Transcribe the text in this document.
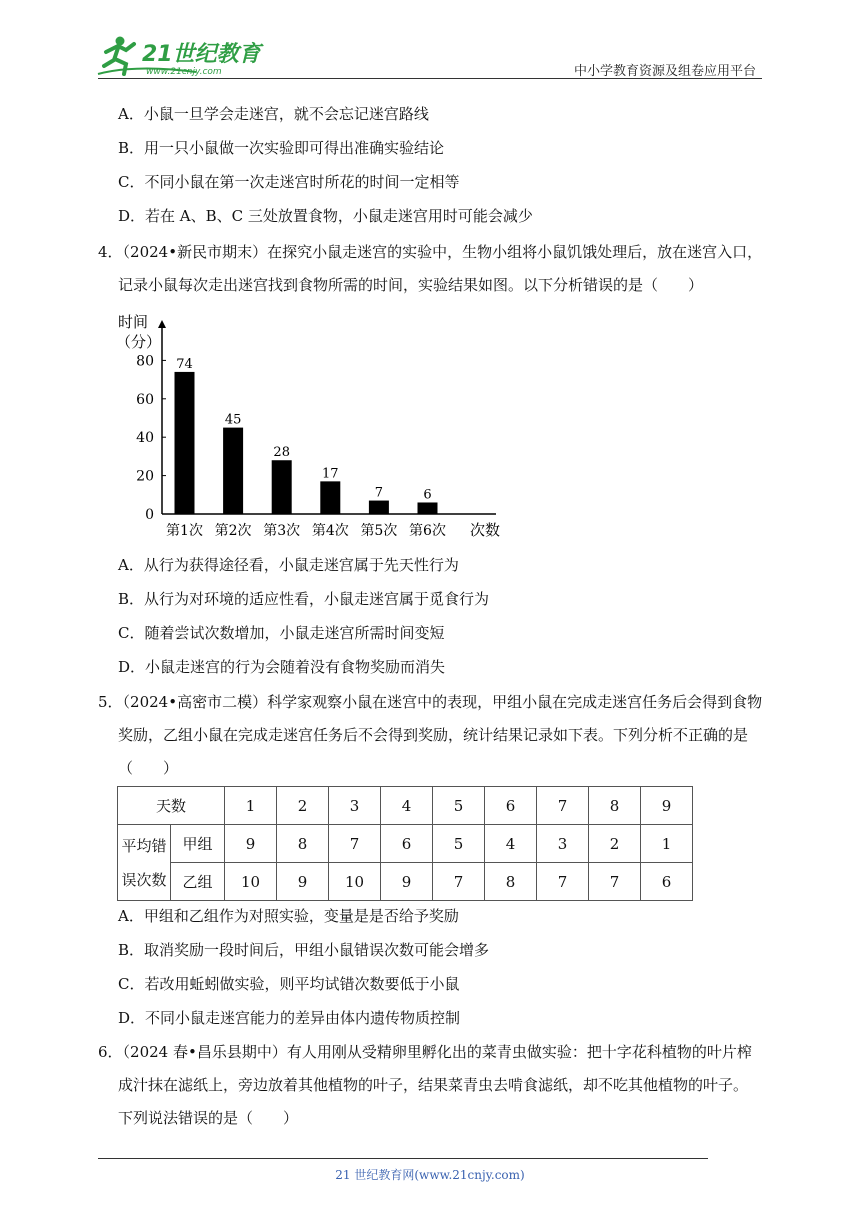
21世纪教育
www.21cnjy.com	中小学教育资源及组卷应用平台
A．小鼠一旦学会走迷宫，就不会忘记迷宫路线
B．用一只小鼠做一次实验即可得出准确实验结论
C．不同小鼠在第一次走迷宫时所花的时间一定相等
D．若在 A、B、C 三处放置食物，小鼠走迷宫用时可能会减少
4．（2024•新民市期末）在探究小鼠走迷宫的实验中，生物小组将小鼠饥饿处理后，放在迷宫入口，
记录小鼠每次走出迷宫找到食物所需的时间，实验结果如图。以下分析错误的是（　　）
时间
（分）
0
20
40
60
80 74
第1次
45
第2次
28
第3次
17
第4次
7
第5次
6
第6次 次数
A．从行为获得途径看，小鼠走迷宫属于先天性行为
B．从行为对环境的适应性看，小鼠走迷宫属于觅食行为
C．随着尝试次数增加，小鼠走迷宫所需时间变短
D．小鼠走迷宫的行为会随着没有食物奖励而消失
5．（2024•高密市二模）科学家观察小鼠在迷宫中的表现，甲组小鼠在完成走迷宫任务后会得到食物
奖励，乙组小鼠在完成走迷宫任务后不会得到奖励，统计结果记录如下表。下列分析不正确的是
（　　）
天数		1	2	3	4	5	6	7	8	9

平均错
误次数	甲组	9	8	7	6	5	4	3	2	1
	乙组	10	9	10	9	7	8	7	7	6
A．甲组和乙组作为对照实验，变量是是否给予奖励
B．取消奖励一段时间后，甲组小鼠错误次数可能会增多
C．若改用蚯蚓做实验，则平均试错次数要低于小鼠
D．不同小鼠走迷宫能力的差异由体内遗传物质控制
6．（2024 春•昌乐县期中）有人用刚从受精卵里孵化出的菜青虫做实验：把十字花科植物的叶片榨
成汁抹在滤纸上，旁边放着其他植物的叶子，结果菜青虫去啃食滤纸，却不吃其他植物的叶子。
下列说法错误的是（　　）
21 世纪教育网(www.21cnjy.com)
